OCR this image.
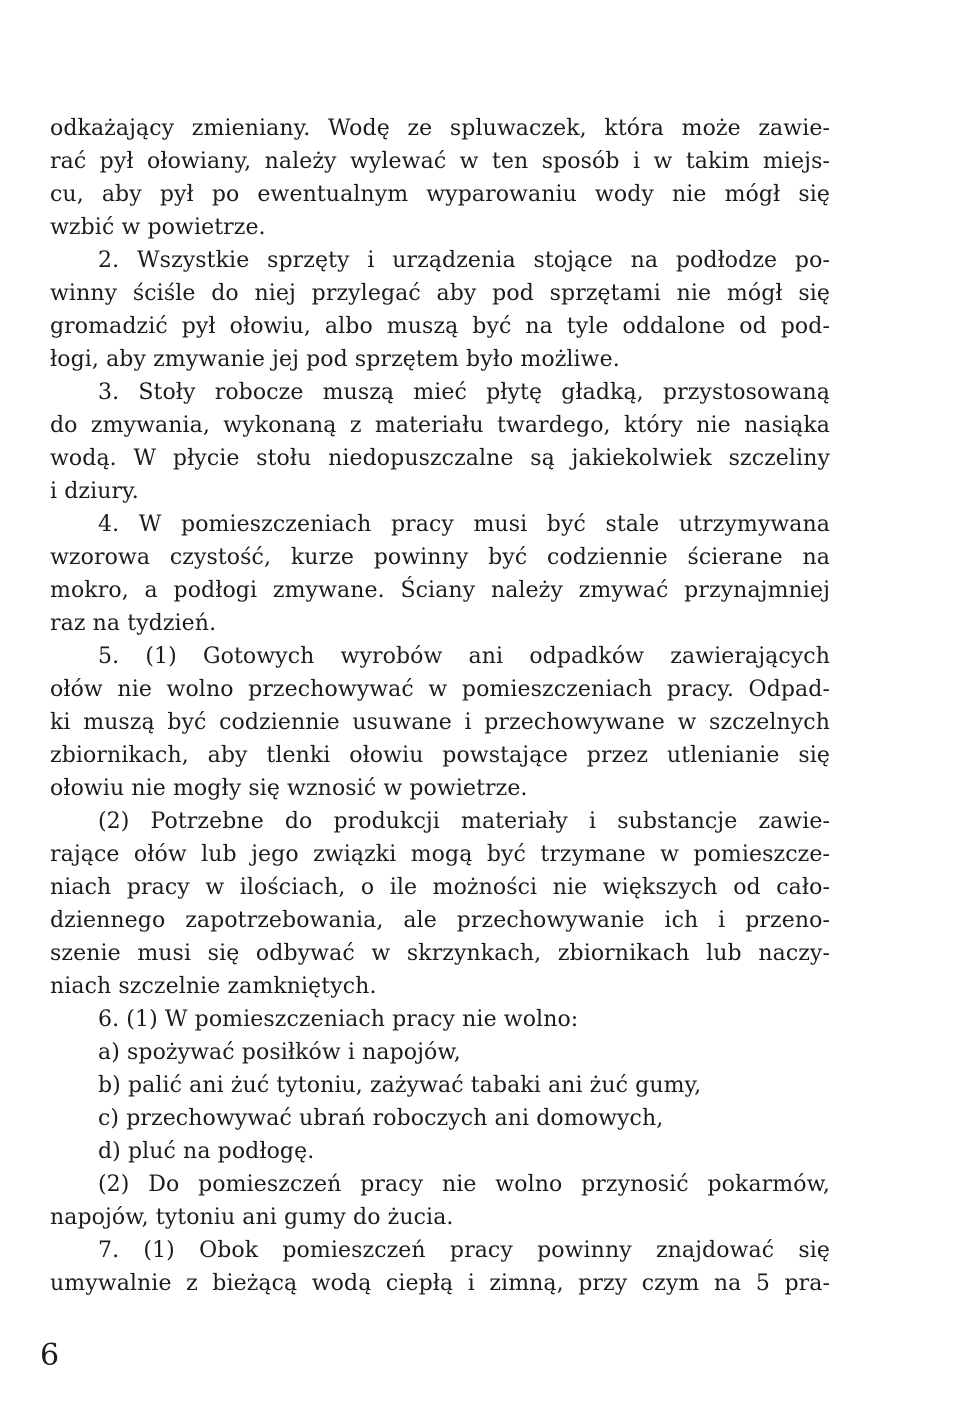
odkażający zmieniany. Wodę ze spluwaczek, która może zawie-
rać pył ołowiany, należy wylewać w ten sposób i w takim miejs-
cu, aby pył po ewentualnym wyparowaniu wody nie mógł się
wzbić w powietrze.
2. Wszystkie sprzęty i urządzenia stojące na podłodze po-
winny ściśle do niej przylegać aby pod sprzętami nie mógł się
gromadzić pył ołowiu, albo muszą być na tyle oddalone od pod-
łogi, aby zmywanie jej pod sprzętem było możliwe.
3. Stoły robocze muszą mieć płytę gładką, przystosowaną
do zmywania, wykonaną z materiału twardego, który nie nasiąka
wodą. W płycie stołu niedopuszczalne są jakiekolwiek szczeliny
i dziury.
4. W pomieszczeniach pracy musi być stale utrzymywana
wzorowa czystość, kurze powinny być codziennie ścierane na
mokro, a podłogi zmywane. Ściany należy zmywać przynajmniej
raz na tydzień.
5. (1) Gotowych wyrobów ani odpadków zawierających
ołów nie wolno przechowywać w pomieszczeniach pracy. Odpad-
ki muszą być codziennie usuwane i przechowywane w szczelnych
zbiornikach, aby tlenki ołowiu powstające przez utlenianie się
ołowiu nie mogły się wznosić w powietrze.
(2) Potrzebne do produkcji materiały i substancje zawie-
rające ołów lub jego związki mogą być trzymane w pomieszcze-
niach pracy w ilościach, o ile możności nie większych od cało-
dziennego zapotrzebowania, ale przechowywanie ich i przeno-
szenie musi się odbywać w skrzynkach, zbiornikach lub naczy-
niach szczelnie zamkniętych.
6. (1) W pomieszczeniach pracy nie wolno:
a) spożywać posiłków i napojów,
b) palić ani żuć tytoniu, zażywać tabaki ani żuć gumy,
c) przechowywać ubrań roboczych ani domowych,
d) pluć na podłogę.
(2) Do pomieszczeń pracy nie wolno przynosić pokarmów,
napojów, tytoniu ani gumy do żucia.
7. (1) Obok pomieszczeń pracy powinny znajdować się
umywalnie z bieżącą wodą ciepłą i zimną, przy czym na 5 pra-
6
